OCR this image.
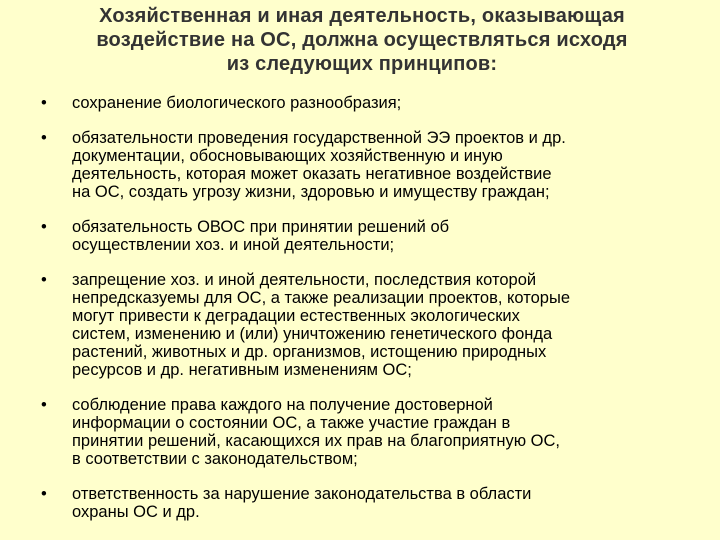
Хозяйственная и иная деятельность, оказывающая
воздействие на ОС, должна осуществляться исходя
из следующих принципов:
• сохранение биологического разнообразия;
• обязательности проведения государственной ЭЭ проектов и др.
документации, обосновывающих хозяйственную и иную
деятельность, которая может оказать негативное воздействие
на ОС, создать угрозу жизни, здоровью и имуществу граждан;
• обязательность ОВОС при принятии решений об
осуществлении хоз. и иной деятельности;
• запрещение хоз. и иной деятельности, последствия которой
непредсказуемы для ОС, а также реализации проектов, которые
могут привести к деградации естественных экологических
систем, изменению и (или) уничтожению генетического фонда
растений, животных и др. организмов, истощению природных
ресурсов и др. негативным изменениям ОС;
• соблюдение права каждого на получение достоверной
информации о состоянии ОС, а также участие граждан в
принятии решений, касающихся их прав на благоприятную ОС,
в соответствии с законодательством;
• ответственность за нарушение законодательства в области
охраны ОС и др.
